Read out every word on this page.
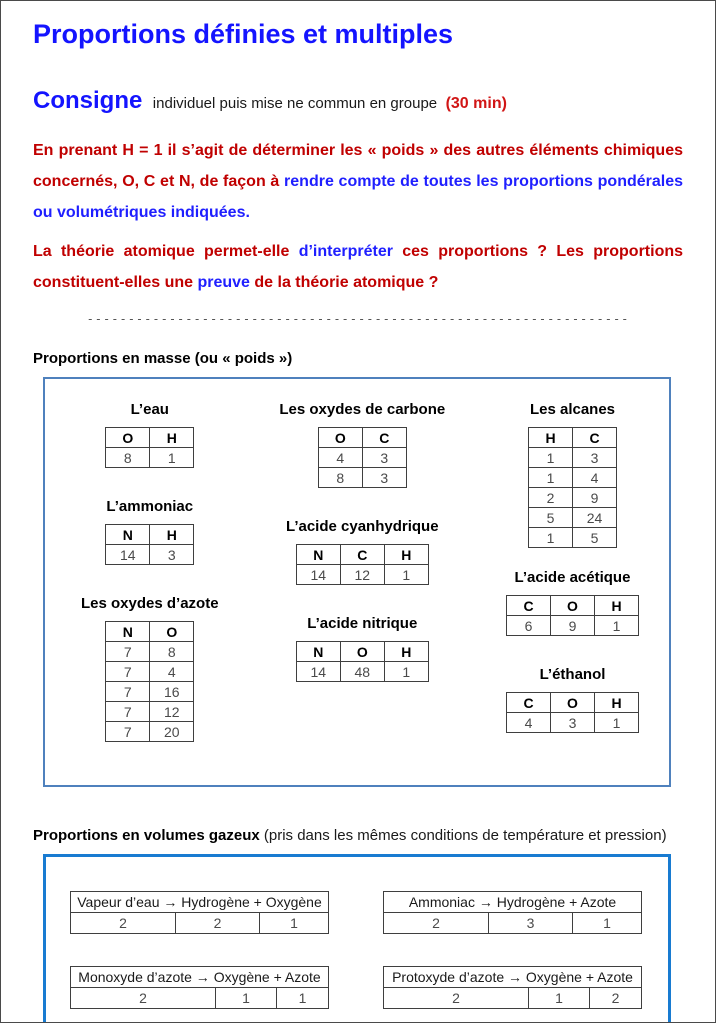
Proportions définies et multiples
Consigne individuel puis mise ne commun en groupe (30 min)

En prenant H = 1 il s’agit de déterminer les « poids » des autres éléments chimiques concernés, O, C et N, de façon à rendre compte de toutes les proportions pondérales ou volumétriques indiquées.

La théorie atomique permet-elle d’interpréter ces proportions ? Les proportions constituent-elles une preuve de la théorie atomique ?

------------------------------------------------------------------
Proportions en masse (ou « poids »)
L’eau
O	H
8	1
L’ammoniac
N	H
14	3
Les oxydes d’azote
N	O
7	8
7	4
7	16
7	12
7	20
Les oxydes de carbone
O	C
4	3
8	3
L’acide cyanhydrique
N	C	H
14	12	1
L’acide nitrique
N	O	H
14	48	1
Les alcanes
H	C
1	3
1	4
2	9
5	24
1	5
L’acide acétique
C	O	H
6	9	1
L’éthanol
C	O	H
4	3	1
Proportions en volumes gazeux (pris dans les mêmes conditions de température et pression)
Vapeur d’eau → Hydrogène + Oxygène
2	2	1
Ammoniac → Hydrogène + Azote
2	3	1
Monoxyde d’azote → Oxygène + Azote
2	1	1
Protoxyde d’azote → Oxygène + Azote
2	1	2
